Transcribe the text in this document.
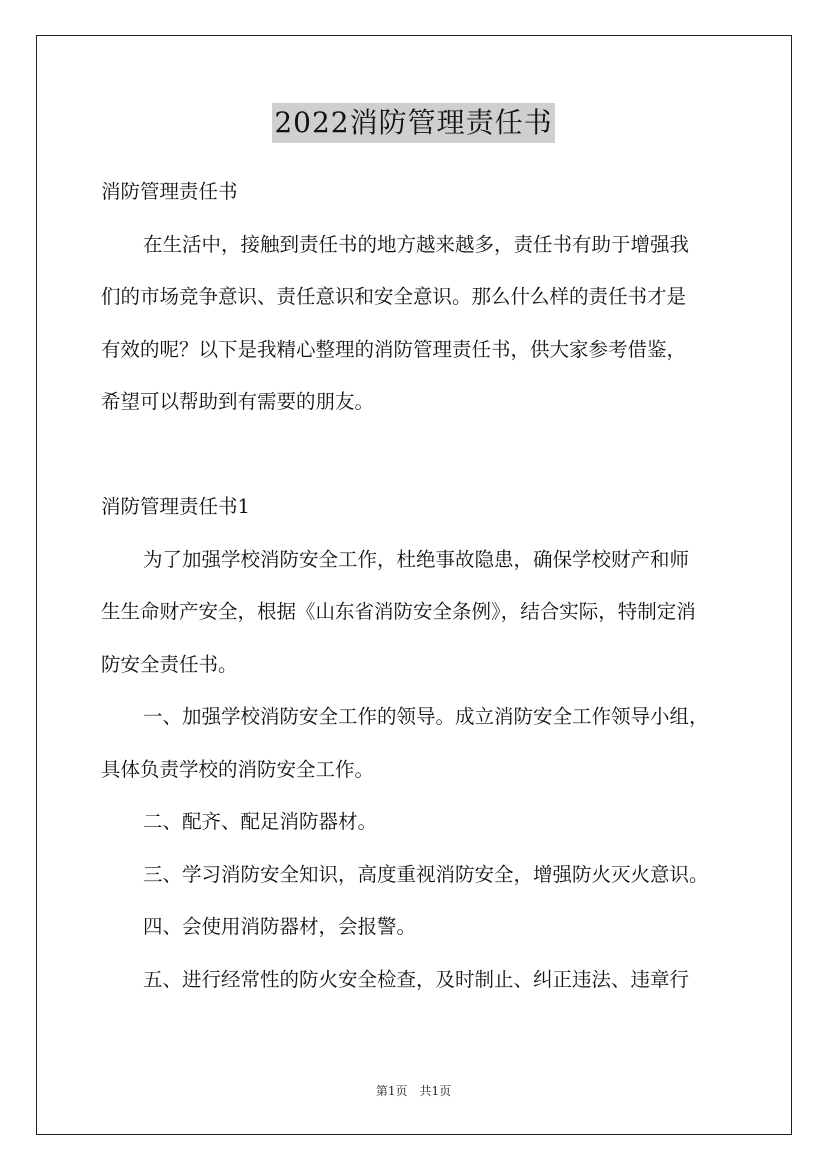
2022消防管理责任书
消防管理责任书
在生活中，接触到责任书的地方越来越多，责任书有助于增强我
们的市场竞争意识、责任意识和安全意识。那么什么样的责任书才是
有效的呢？以下是我精心整理的消防管理责任书，供大家参考借鉴，
希望可以帮助到有需要的朋友。
消防管理责任书1
为了加强学校消防安全工作，杜绝事故隐患，确保学校财产和师
生生命财产安全，根据《山东省消防安全条例》，结合实际，特制定消
防安全责任书。
一、加强学校消防安全工作的领导。成立消防安全工作领导小组，
具体负责学校的消防安全工作。
二、配齐、配足消防器材。
三、学习消防安全知识，高度重视消防安全，增强防火灭火意识。
四、会使用消防器材，会报警。
五、进行经常性的防火安全检查，及时制止、纠正违法、违章行
第1页　共1页
